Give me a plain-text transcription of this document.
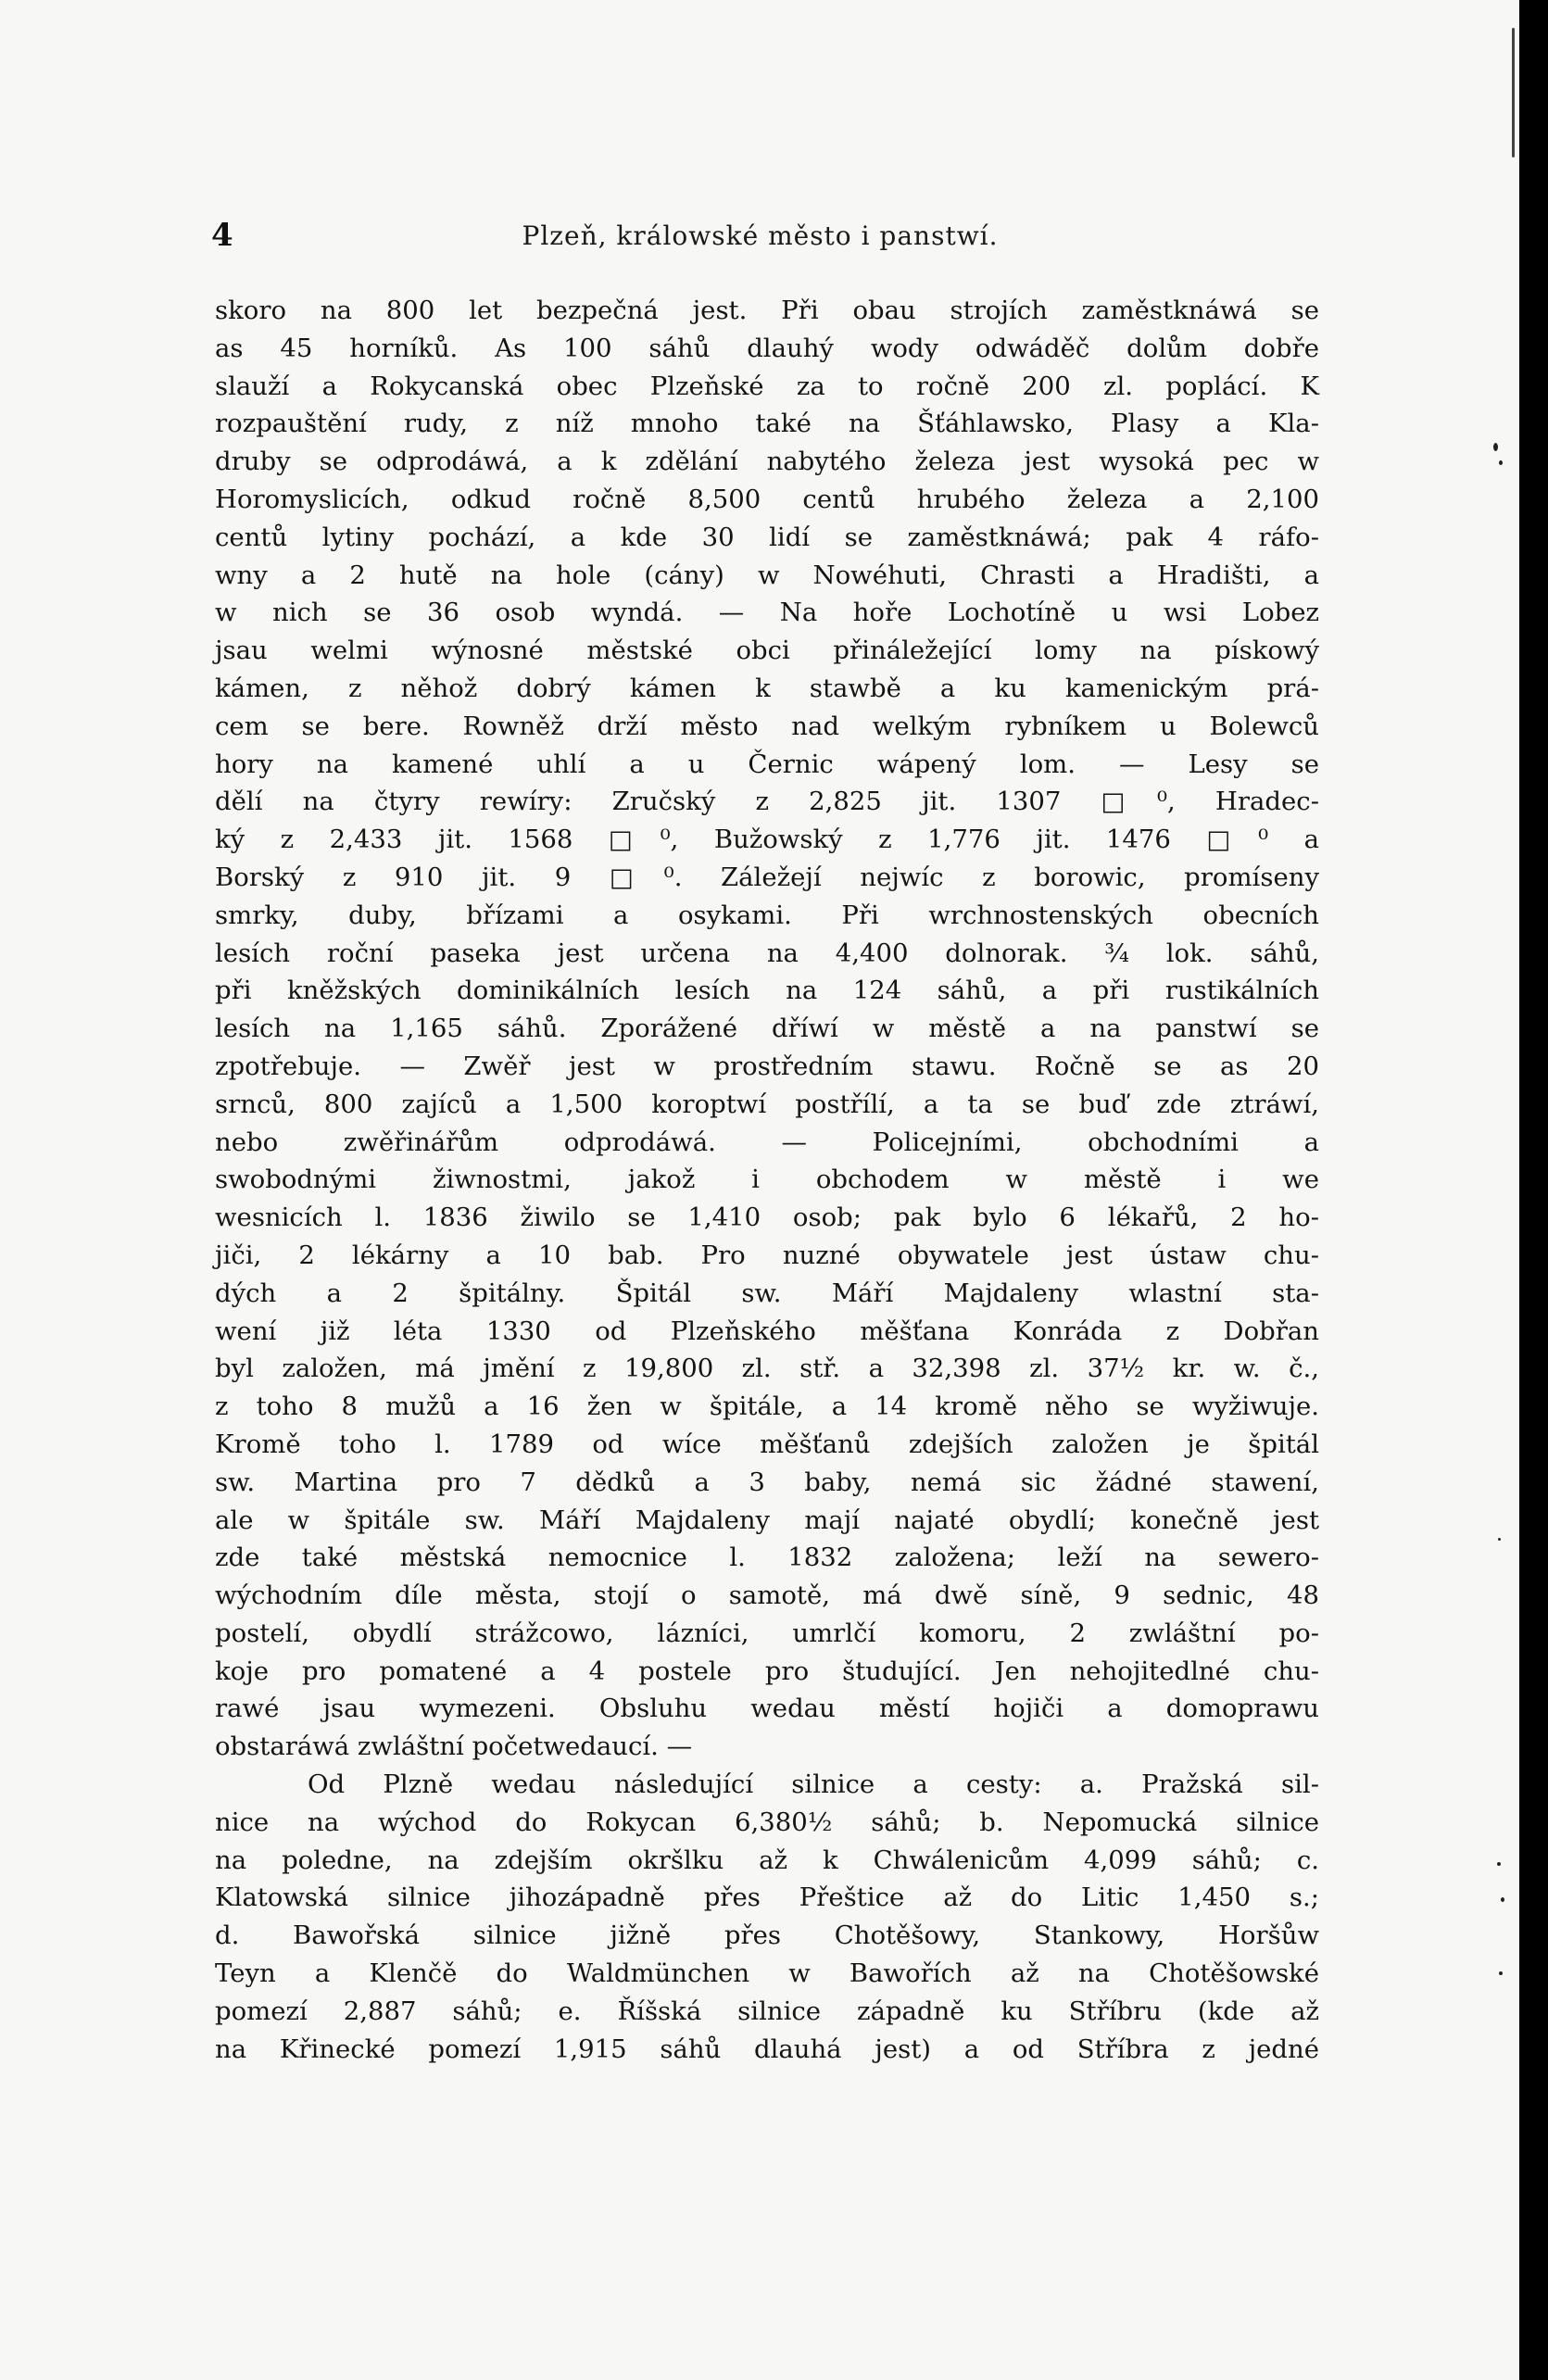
4	Plzeň, králowské město i panstwí.
skoro na 800 let bezpečná jest. Při obau strojích zaměstknáwá se
as 45 horníků. As 100 sáhů dlauhý wody odwáděč dolům dobře
slauží a Rokycanská obec Plzeňské za to ročně 200 zl. poplácí. K
rozpauštění rudy, z níž mnoho také na Šťáhlawsko, Plasy a Kla-
druby se odprodáwá, a k zdělání nabytého železa jest wysoká pec w
Horomyslicích, odkud ročně 8,500 centů hrubého železa a 2,100
centů lytiny pochází, a kde 30 lidí se zaměstknáwá; pak 4 ráfo-
wny a 2 hutě na hole (cány) w Nowéhuti, Chrasti a Hradišti, a
w nich se 36 osob wyndá. — Na hoře Lochotíně u wsi Lobez
jsau welmi wýnosné městské obci přináležející lomy na pískowý
kámen, z něhož dobrý kámen k stawbě a ku kamenickým prá-
cem se bere. Rowněž drží město nad welkým rybníkem u Bolewců
hory na kamené uhlí a u Černic wápený lom. — Lesy se
dělí na čtyry rewíry: Zručský z 2,825 jit. 1307 □⁰, Hradec-
ký z 2,433 jit. 1568 □⁰, Bužowský z 1,776 jit. 1476 □⁰ a
Borský z 910 jit. 9 □⁰. Záležejí nejwíc z borowic, promíseny
smrky, duby, břízami a osykami. Při wrchnostenských obecních
lesích roční paseka jest určena na 4,400 dolnorak. ¾ lok. sáhů,
při kněžských dominikálních lesích na 124 sáhů, a při rustikálních
lesích na 1,165 sáhů. Zporážené dříwí w městě a na panstwí se
zpotřebuje. — Zwěř jest w prostředním stawu. Ročně se as 20
srnců, 800 zajíců a 1,500 koroptwí postřílí, a ta se buď zde ztráwí,
nebo zwěřinářům odprodáwá. — Policejními, obchodními a
swobodnými žiwnostmi, jakož i obchodem w městě i we
wesnicích l. 1836 žiwilo se 1,410 osob; pak bylo 6 lékařů, 2 ho-
jiči, 2 lékárny a 10 bab. Pro nuzné obywatele jest ústaw chu-
dých a 2 špitálny. Špitál sw. Máří Majdaleny wlastní sta-
wení již léta 1330 od Plzeňského měšťana Konráda z Dobřan
byl založen, má jmění z 19,800 zl. stř. a 32,398 zl. 37½ kr. w. č.,
z toho 8 mužů a 16 žen w špitále, a 14 kromě něho se wyžiwuje.
Kromě toho l. 1789 od wíce měšťanů zdejších založen je špitál
sw. Martina pro 7 dědků a 3 baby, nemá sic žádné stawení,
ale w špitále sw. Máří Majdaleny mají najaté obydlí; konečně jest
zde také městská nemocnice l. 1832 založena; leží na sewero-
wýchodním díle města, stojí o samotě, má dwě síně, 9 sednic, 48
postelí, obydlí strážcowo, lázníci, umrlčí komoru, 2 zwláštní po-
koje pro pomatené a 4 postele pro študující. Jen nehojitedlné chu-
rawé jsau wymezeni. Obsluhu wedau městí hojiči a domoprawu
obstaráwá zwláštní početwedaucí. —
Od Plzně wedau následující silnice a cesty: a. Pražská sil-
nice na wýchod do Rokycan 6,380½ sáhů; b. Nepomucká silnice
na poledne, na zdejším okršlku až k Chwálenicům 4,099 sáhů; c.
Klatowská silnice jihozápadně přes Přeštice až do Litic 1,450 s.;
d. Bawořská silnice jižně přes Chotěšowy, Stankowy, Horšůw
Teyn a Klenčě do Waldmünchen w Bawořích až na Chotěšowské
pomezí 2,887 sáhů; e. Říšská silnice západně ku Stříbru (kde až
na Křinecké pomezí 1,915 sáhů dlauhá jest) a od Stříbra z jedné
